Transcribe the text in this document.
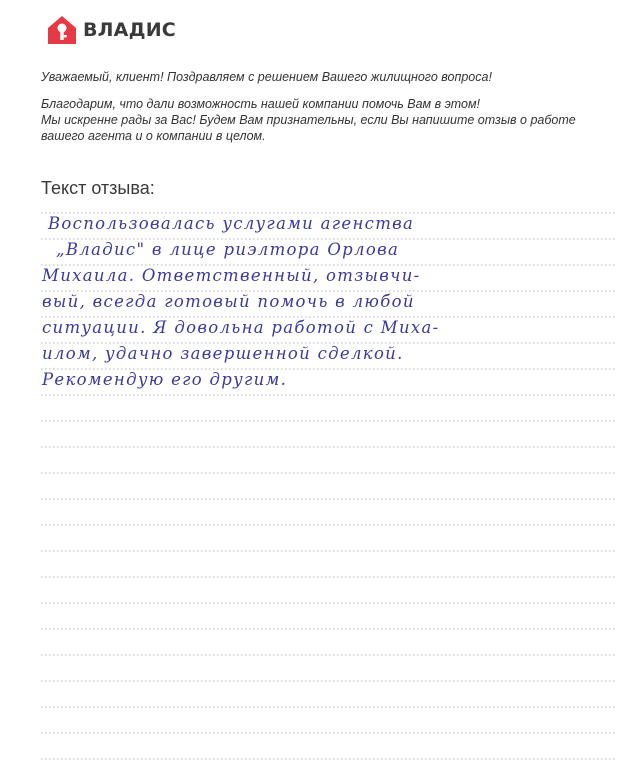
ВЛАДИС

Уважаемый, клиент! Поздравляем с решением Вашего жилищного вопроса!

Благодарим, что дали возможность нашей компании помочь Вам в этом!
Мы искренне рады за Вас! Будем Вам признательны, если Вы напишите отзыв о работе
вашего агента и о компании в целом.
Текст отзыва:
Воспользовалась услугами агенства
„Владис" в лице риэлтора Орлова
Михаила. Ответственный, отзывчи-
вый, всегда готовый помочь в любой
ситуации. Я довольна работой с Миха-
илом, удачно завершенной сделкой.
Рекомендую его другим.
